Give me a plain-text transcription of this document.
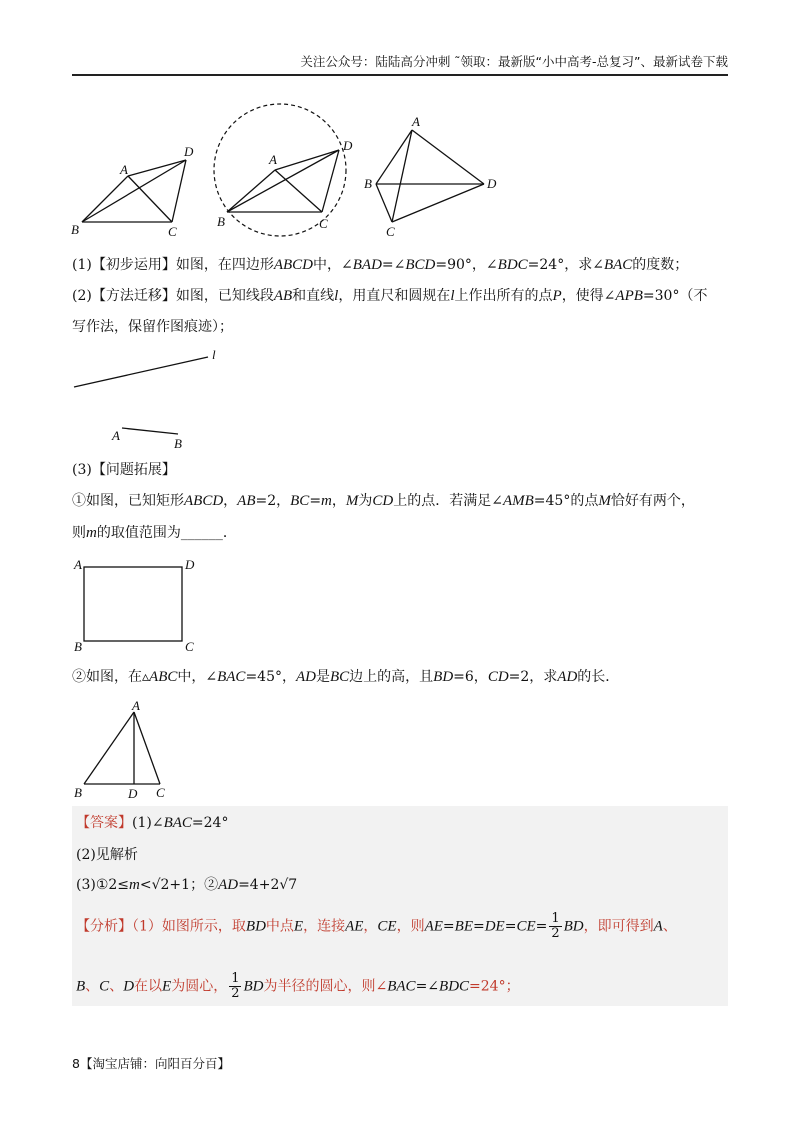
关注公众号：陆陆高分冲刺 ˜领取：最新版“小中高考-总复习”、最新试卷下载
A
B	C
D
A
B	C
D
A
B
C
D
(1)【初步运用】如图，在四边形ABCD中，∠BAD=∠BCD=90°，∠BDC=24°，求∠BAC的度数；
(2)【方法迁移】如图，已知线段AB和直线l，用直尺和圆规在l上作出所有的点P，使得∠APB=30°（不
写作法，保留作图痕迹）；
l
A
B
(3)【问题拓展】
①如图，已知矩形ABCD，AB=2，BC=m，M为CD上的点．若满足∠AMB=45°的点M恰好有两个，
则m的取值范围为______．
A	D
B	C
②如图，在▵ABC中，∠BAC=45°，AD是BC边上的高，且BD=6，CD=2，求AD的长．
A
B	D C
【答案】(1)∠BAC=24°
(2)见解析
(3)①2≤m<√2+1；②AD=4+2√7
【分析】（1）如图所示，取BD中点E，连接AE，CE，则$AE=BE=DE=CE= \frac{1}{2}$ BD，即可得到A、
B、C、D在以E为圆心， $\frac{1}{2}$ BD为半径的圆心，则∠BAC=∠BDC=24°；
8【淘宝店铺：向阳百分百】
